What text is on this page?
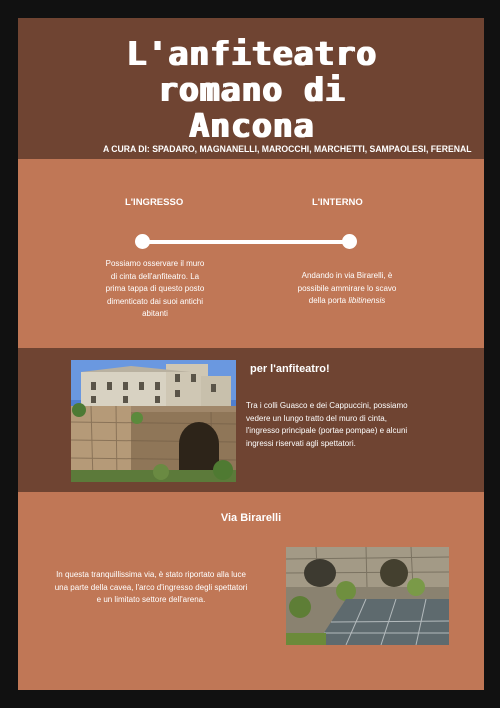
L'anfiteatro
romano di
Ancona
A CURA DI: SPADARO, MAGNANELLI, MAROCCHI, MARCHETTI, SAMPAOLESI, FERENAL
L'INGRESSO	L'INTERNO
Possiamo osservare il muro di cinta dell'anfiteatro. La prima tappa di questo posto dimenticato dai suoi antichi abitanti
Andando in via Birarelli, è possibile ammirare lo scavo della porta libitinensis
per l'anfiteatro!
Tra i colli Guasco e dei Cappuccini, possiamo vedere un lungo tratto del muro di cinta, l'ingresso principale (portae pompae) e alcuni ingressi riservati agli spettatori.
Via Birarelli
In questa tranquillissima via, è stato riportato alla luce una parte della cavea, l'arco d'ingresso degli spettatori e un limitato settore dell'arena.
